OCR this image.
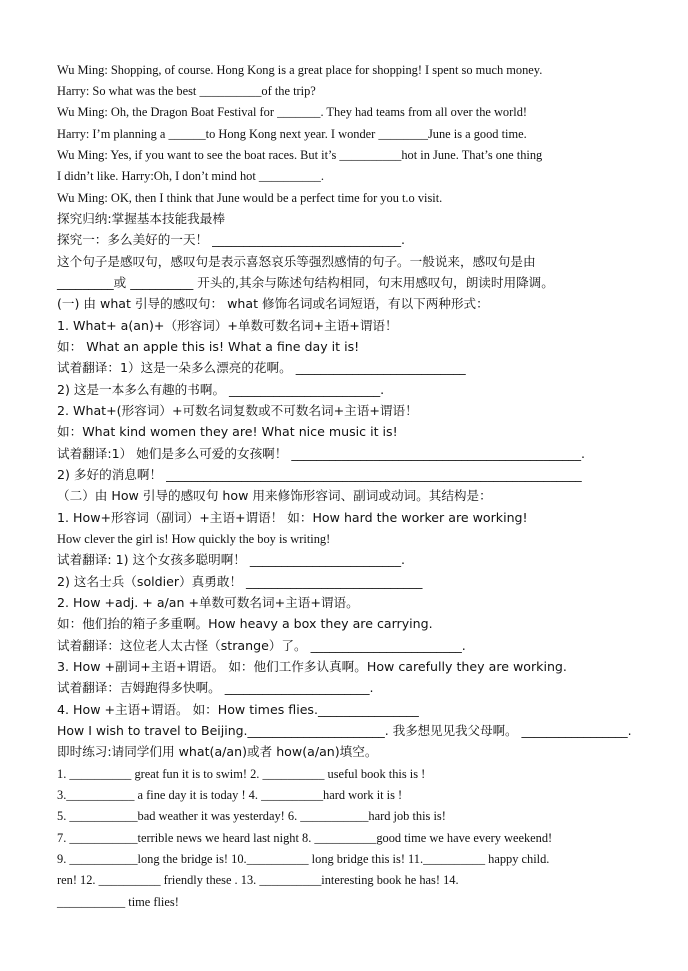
Wu Ming: Shopping, of course. Hong Kong is a great place for shopping! I spent so much money.
Harry: So what was the best __________of the trip?
Wu Ming: Oh, the Dragon Boat Festival for _______. They had teams from all over the world!
Harry: I’m planning a ______to Hong Kong next year. I wonder ________June is a good time.
Wu Ming: Yes, if you want to see the boat races. But it’s __________hot in June. That’s one thing
I didn’t like. Harry:Oh, I don’t mind hot __________.
Wu Ming: OK, then I think that June would be a perfect time for you t.o visit.
探究归纳:掌握基本技能我最棒
探究一：多么美好的一天！ ______________________________.
这个句子是感叹句，感叹句是表示喜怒哀乐等强烈感情的句子。一般说来，感叹句是由
_________或 __________ 开头的,其余与陈述句结构相同，句末用感叹句，朗读时用降调。
(一) 由 what 引导的感叹句： what 修饰名词或名词短语，有以下两种形式：
1. What+ a(an)+（形容词）+单数可数名词+主语+谓语！
如： What an apple this is! What a fine day it is!
试着翻译：1）这是一朵多么漂亮的花啊。 ___________________________
2) 这是一本多么有趣的书啊。 ________________________.
2. What+(形容词）+可数名词复数或不可数名词+主语+谓语！
如：What kind women they are! What nice music it is!
试着翻译:1） 她们是多么可爱的女孩啊！ ______________________________________________.
2) 多好的消息啊！ __________________________________________________________________
（二）由 How 引导的感叹句 how 用来修饰形容词、副词或动词。其结构是：
1. How+形容词（副词）+主语+谓语！ 如：How hard the worker are working!
How clever the girl is! How quickly the boy is writing!
试着翻译: 1) 这个女孩多聪明啊！ ________________________.
2) 这名士兵（soldier）真勇敢！ ____________________________
2. How +adj. + a/an +单数可数名词+主语+谓语。
如：他们抬的箱子多重啊。How heavy a box they are carrying.
试着翻译：这位老人太古怪（strange）了。 ________________________.
3. How +副词+主语+谓语。 如：他们工作多认真啊。How carefully they are working.
试着翻译：吉姆跑得多快啊。 _______________________.
4. How +主语+谓语。 如：How times flies.________________
How I wish to travel to Beijing.______________________. 我多想见见我父母啊。 _________________.
即时练习:请同学们用 what(a/an)或者 how(a/an)填空。
1. __________ great fun it is to swim! 2. __________ useful book this is !
3.___________ a fine day it is today ! 4. __________hard work it is !
5. ___________bad weather it was yesterday! 6. ___________hard job this is!
7. ___________terrible news we heard last night 8. __________good time we have every weekend!
9. ___________long the bridge is! 10.__________ long bridge this is! 11.__________ happy child.
ren! 12. __________ friendly these . 13. __________interesting book he has! 14.
___________ time flies!
